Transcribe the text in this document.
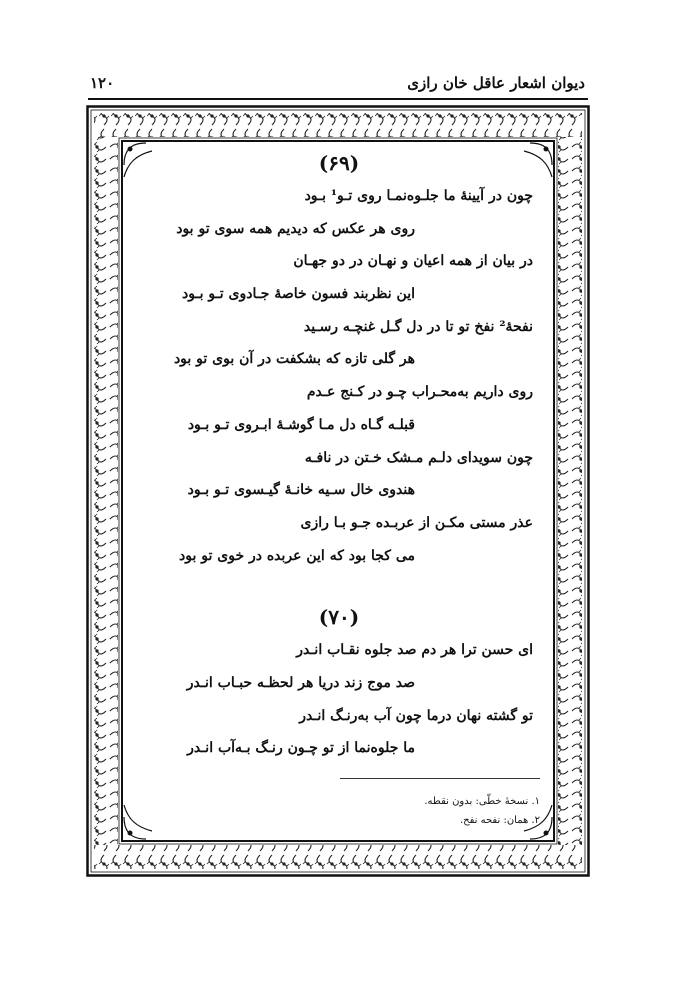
دیوان اشعار عاقل خان رازی
۱۲۰
(۶۹)
چون در آیینهٔ ما جلـوه‌نمـا روی تـو¹ بـود
روی هر عکس که دیدیم همه سوی تو بود
در بیان از همه اعیان و نهـان در دو جهـان
این نظربند فسون خاصهٔ جـادوی تـو بـود
نفحهٔ² نفخ تو تا در دل گـل غنچـه رسـید
هر گلی تازه که بشکفت در آن بوی تو بود
روی داریم به‌محـراب چـو در کـنج عـدم
قبلـه گـاه دل مـا گوشـهٔ ابـروی تـو بـود
چون سویدای دلـم مـشک خـتن در نافـه
هندوی خال سـیه خانـهٔ گیـسوی تـو بـود
عذر مستی مکـن از عربـده جـو بـا رازی
می کجا بود که این عربده در خوی تو بود
(۷۰)
ای حسن ترا هر دم صد جلوه نقـاب انـدر
صد موج زند دریا هر لحظـه حبـاب انـدر
تو گشته نهان درما چون آب به‌رنـگ انـدر
ما جلوه‌نما از تو چـون رنـگ بـه‌آب انـدر
۱. نسخهٔ خطّی: بدون نقطه.
۲. همان: نفحه نفح.
